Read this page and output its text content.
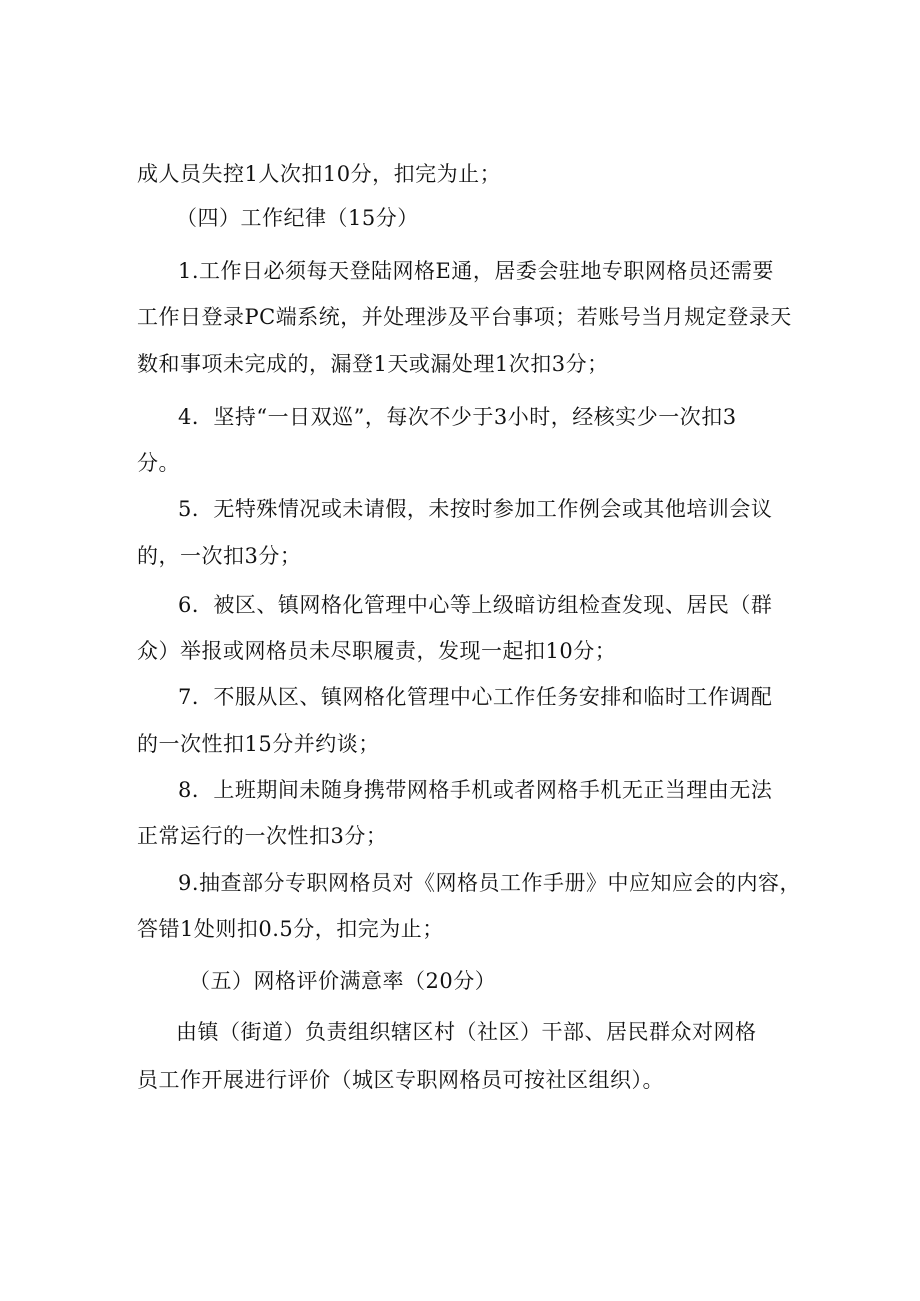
成人员失控1人次扣10分，扣完为止；
（四）工作纪律（15分）
1.工作日必须每天登陆网格E通，居委会驻地专职网格员还需要
工作日登录PC端系统，并处理涉及平台事项；若账号当月规定登录天
数和事项未完成的，漏登1天或漏处理1次扣3分；
4．坚持“一日双巡”，每次不少于3小时，经核实少一次扣3
分。
5．无特殊情况或未请假，未按时参加工作例会或其他培训会议
的，一次扣3分；
6．被区、镇网格化管理中心等上级暗访组检查发现、居民（群
众）举报或网格员未尽职履责，发现一起扣10分；
7．不服从区、镇网格化管理中心工作任务安排和临时工作调配
的一次性扣15分并约谈；
8．上班期间未随身携带网格手机或者网格手机无正当理由无法
正常运行的一次性扣3分；
9.抽查部分专职网格员对《网格员工作手册》中应知应会的内容，
答错1处则扣0.5分，扣完为止；
（五）网格评价满意率（20分）
由镇（街道）负责组织辖区村（社区）干部、居民群众对网格
员工作开展进行评价（城区专职网格员可按社区组织）。
